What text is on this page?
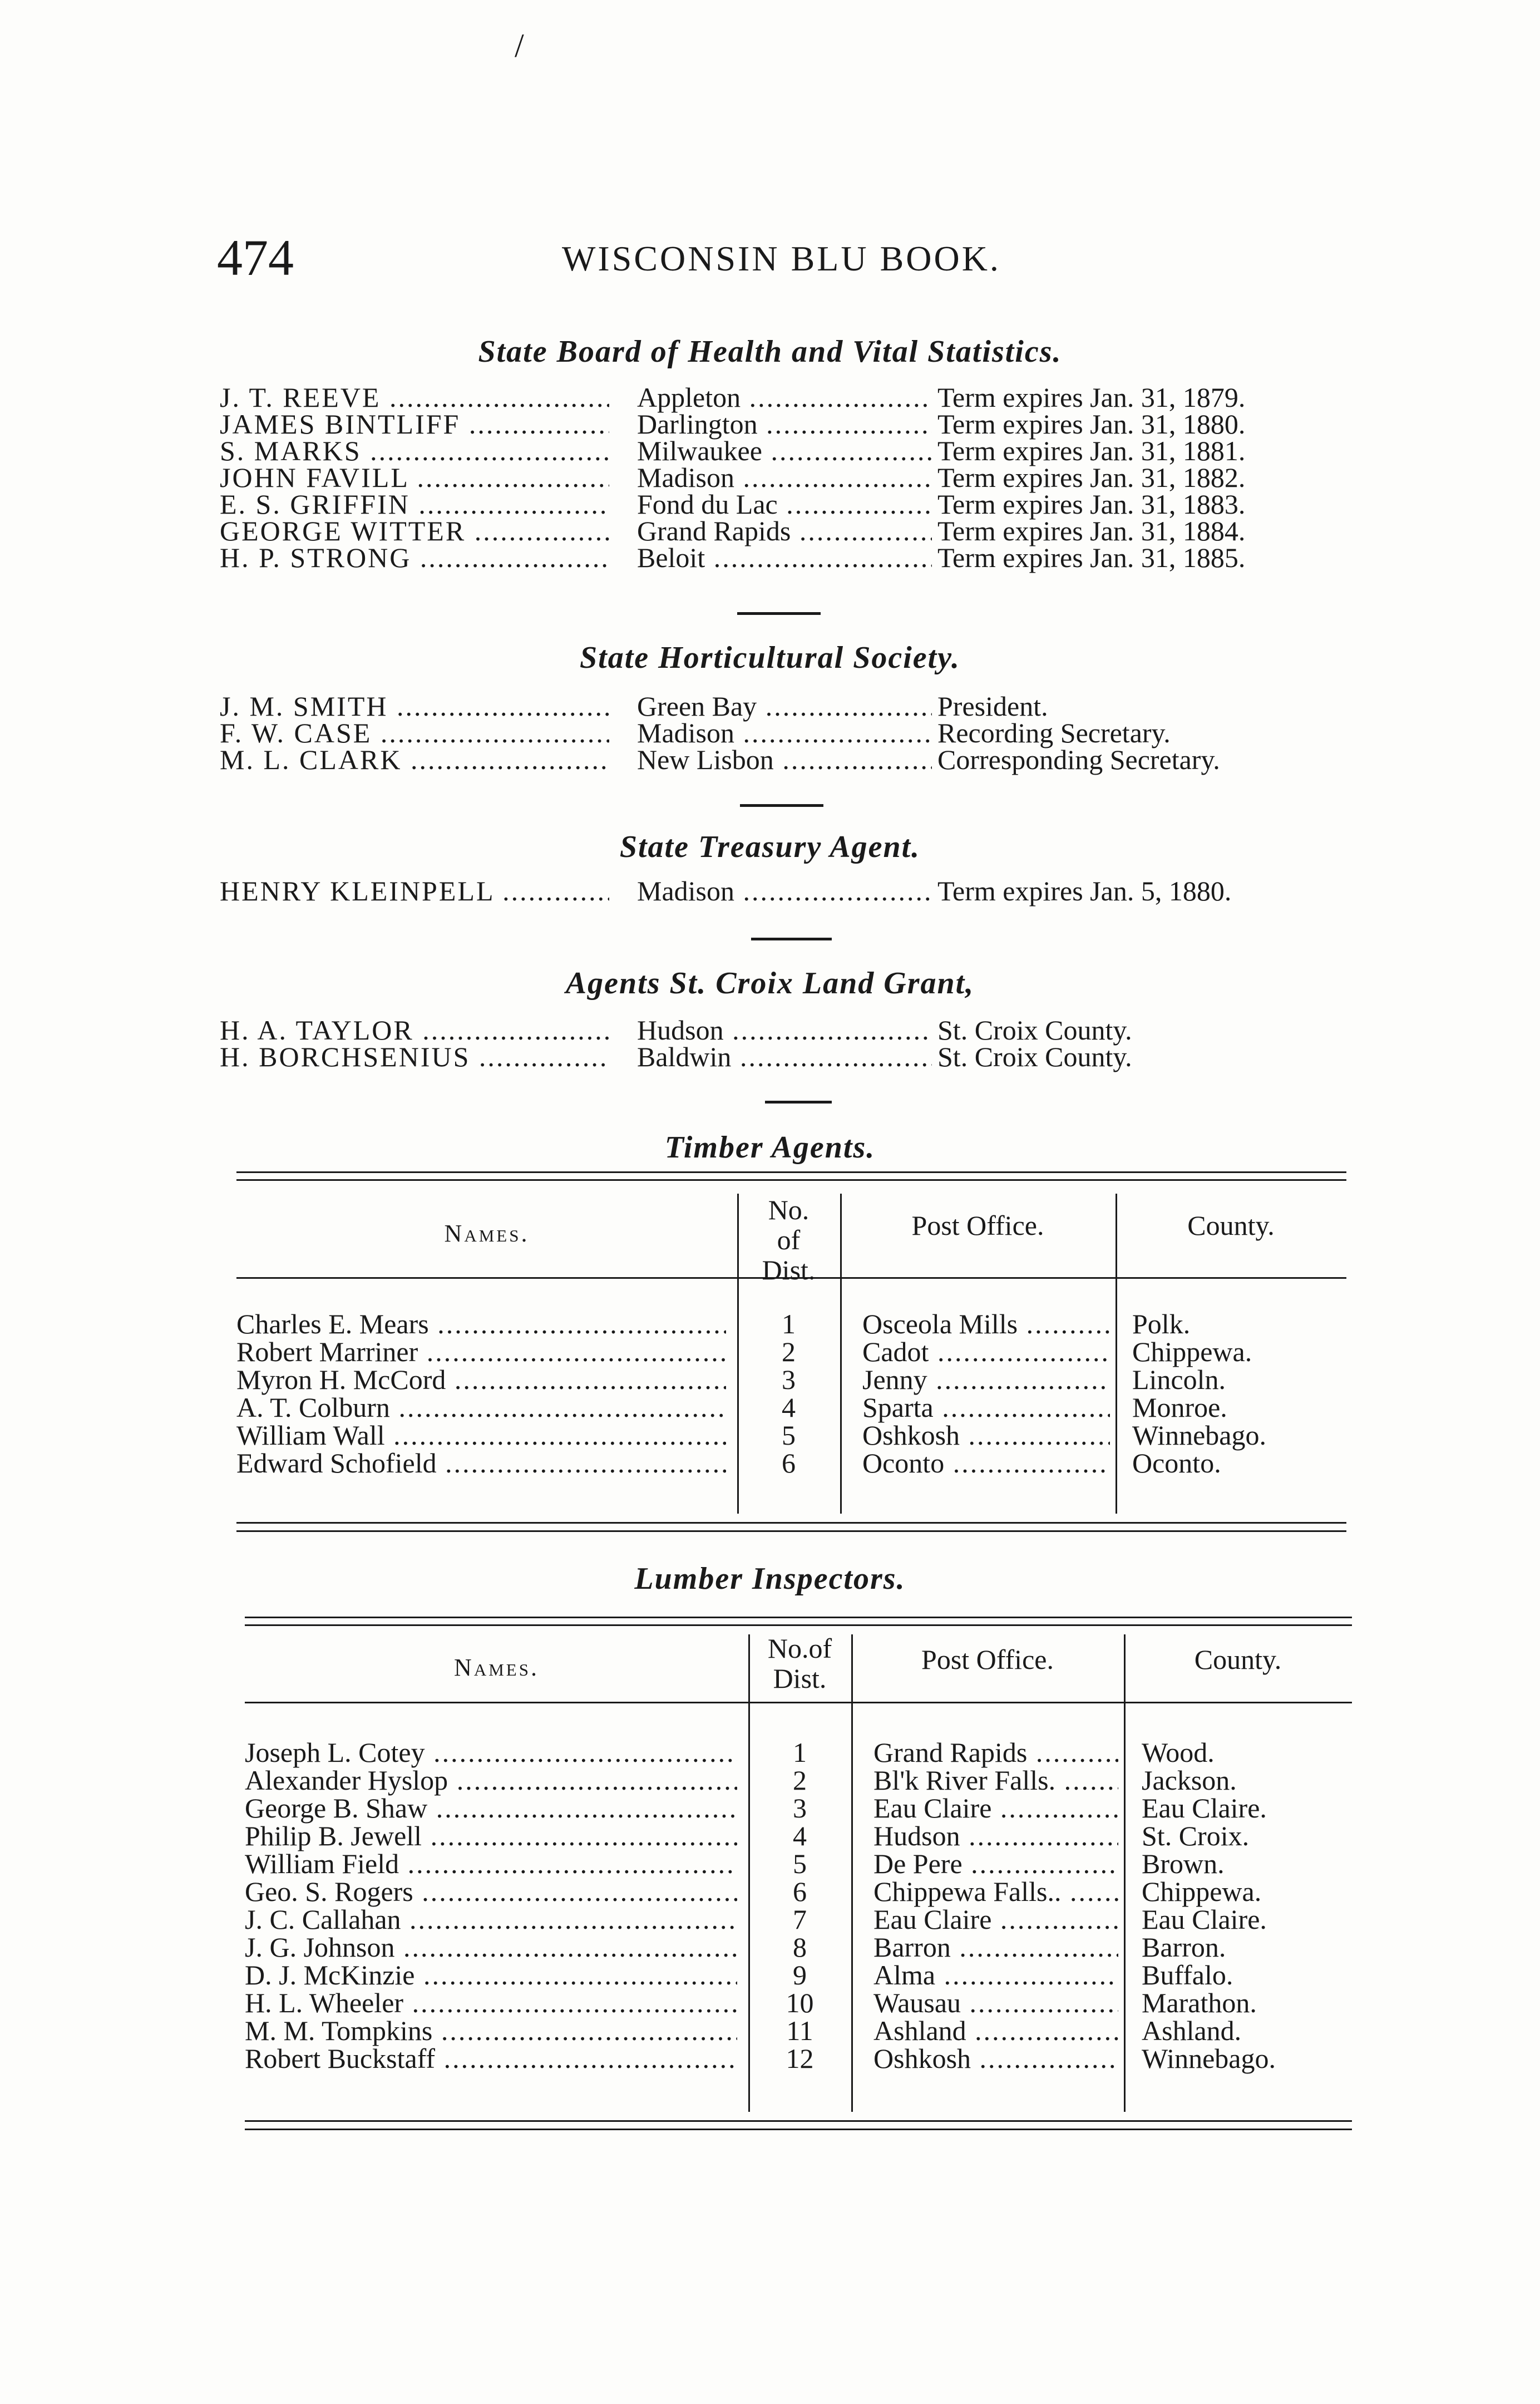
/
474	WISCONSIN BLU BOOK.
State Board of Health and Vital Statistics.
J. T. REEVE .....	Appleton .....	Term expires Jan. 31, 1879.
JAMES BINTLIFF .....	Darlington .....	Term expires Jan. 31, 1880.
S. MARKS .....	Milwaukee .....	Term expires Jan. 31, 1881.
JOHN FAVILL .....	Madison .....	Term expires Jan. 31, 1882.
E. S. GRIFFIN .....	Fond du Lac .....	Term expires Jan. 31, 1883.
GEORGE WITTER .....	Grand Rapids .....	Term expires Jan. 31, 1884.
H. P. STRONG .....	Beloit .....	Term expires Jan. 31, 1885.
State Horticultural Society.
J. M. SMITH .....	Green Bay .....	President.
F. W. CASE .....	Madison .....	Recording Secretary.
M. L. CLARK .....	New Lisbon .....	Corresponding Secretary.
State Treasury Agent.
HENRY KLEINPELL .....	Madison .....	Term expires Jan. 5, 1880.
Agents St. Croix Land Grant,
H. A. TAYLOR .....	Hudson .....	St. Croix County.
H. BORCHSENIUS .....	Baldwin .....	St. Croix County.
Timber Agents.
Names.
No. of Dist.
Post Office.	County.
Charles E. Mears .....	1	Osceola Mills .....	Polk.
Robert Marriner .....	2	Cadot .....	Chippewa.
Myron H. McCord .....	3	Jenny .....	Lincoln.
A. T. Colburn .....	4	Sparta .....	Monroe.
William Wall .....	5	Oshkosh .....	Winnebago.
Edward Schofield .....	6	Oconto .....	Oconto.
Lumber Inspectors.
Names.
No.of Dist.
Post Office.	County.
Joseph L. Cotey .....	1	Grand Rapids .....	Wood.
Alexander Hyslop .....	2	Bl'k River Falls. .....	Jackson.
George B. Shaw .....	3	Eau Claire .....	Eau Claire.
Philip B. Jewell .....	4	Hudson .....	St. Croix.
William Field .....	5	De Pere .....	Brown.
Geo. S. Rogers .....	6	Chippewa Falls.. .....	Chippewa.
J. C. Callahan .....	7	Eau Claire .....	Eau Claire.
J. G. Johnson .....	8	Barron .....	Barron.
D. J. McKinzie .....	9	Alma .....	Buffalo.
H. L. Wheeler .....	10	Wausau .....	Marathon.
M. M. Tompkins .....	11	Ashland .....	Ashland.
Robert Buckstaff .....	12	Oshkosh .....	Winnebago.
